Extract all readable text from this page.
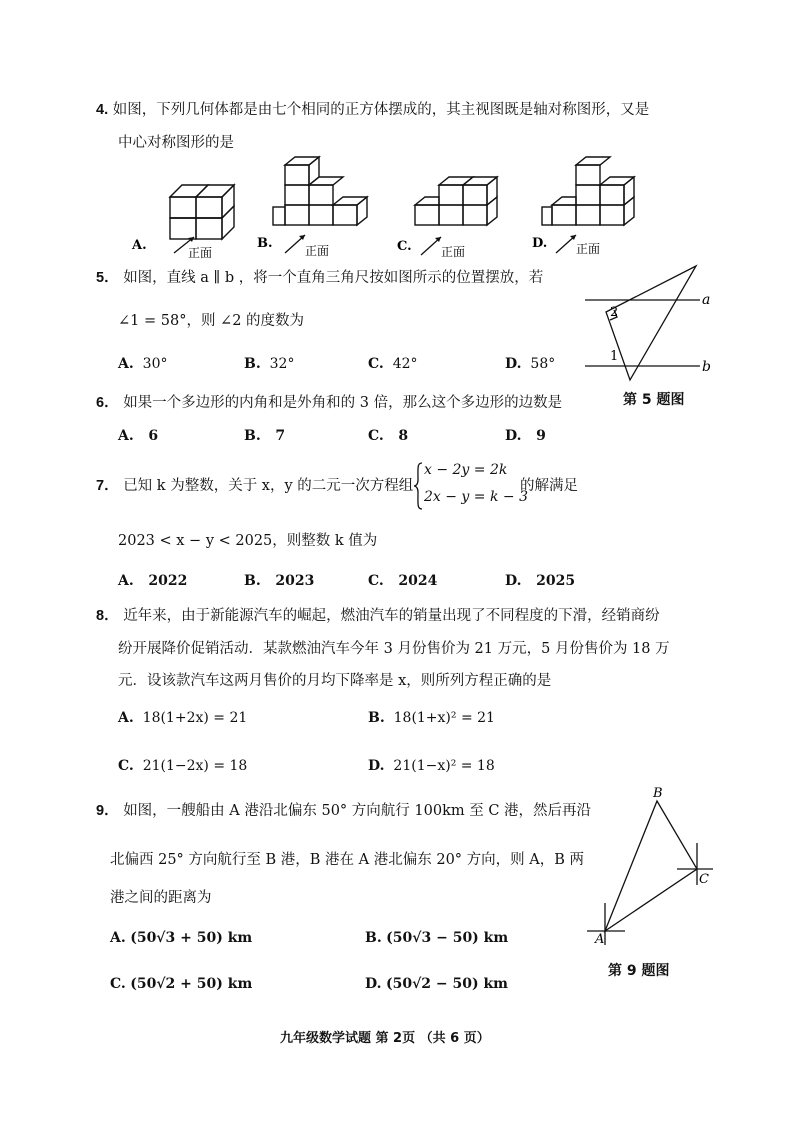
4. 如图，下列几何体都是由七个相同的正方体摆成的，其主视图既是轴对称图形，又是
中心对称图形的是
A.	正面
B.	正面	C. 正面
D. 正面
5． 如图，直线 a ∥ b ，将一个直角三角尺按如图所示的位置摆放，若
∠1 = 58°，则 ∠2 的度数为
A. 30°	B. 32°	C. 42°	D. 58°
a
b
2
1
第 5 题图
6． 如果一个多边形的内角和是外角和的 3 倍，那么这个多边形的边数是
A. 6	B. 7	C. 8	D. 9
7． 已知 k 为整数，关于 x，y 的二元一次方程组
x − 2y = 2k
2x − y = k − 3
的解满足
2023 < x − y < 2025，则整数 k 值为
A. 2022	B. 2023	C. 2024	D. 2025
8． 近年来，由于新能源汽车的崛起，燃油汽车的销量出现了不同程度的下滑，经销商纷
纷开展降价促销活动．某款燃油汽车今年 3 月份售价为 21 万元，5 月份售价为 18 万
元．设该款汽车这两月售价的月均下降率是 x，则所列方程正确的是
A. 18(1+2x) = 21	B. 18(1+x)² = 21
C. 21(1−2x) = 18	D. 21(1−x)² = 18
9． 如图，一艘船由 A 港沿北偏东 50° 方向航行 100km 至 C 港，然后再沿
北偏西 25° 方向航行至 B 港，B 港在 A 港北偏东 20° 方向，则 A，B 两
港之间的距离为
A. (50√3 + 50) km	B. (50√3 − 50) km
C. (50√2 + 50) km	D. (50√2 − 50) km
B
C
A
第 9 题图
九年级数学试题 第 2页 （共 6 页）
